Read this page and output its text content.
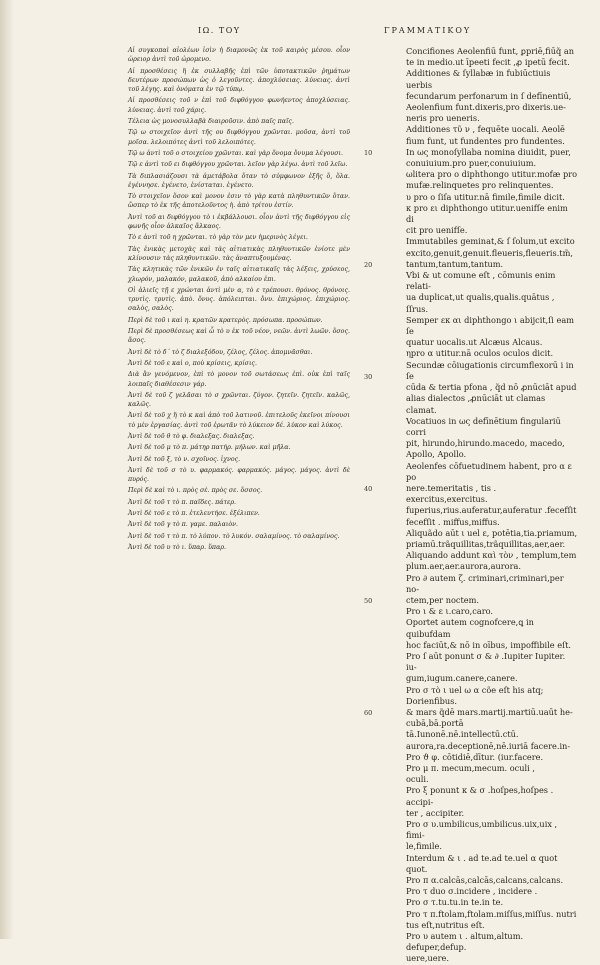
ΙΩ. ΤΟΥ	ΓΡΑΜΜΑΤΙΚΟΥ

Αἱ συγκοπαὶ αἰολέων ἰσὶν ἠ διαμονῶς ἐκ τοῦ καιρὸς μέσου. οἷον ὠρειορ ἀντὶ τοῦ ὡρομενο.

Αἱ προσθέσεις ἢ ἐκ συλλαβῆς ἐπὶ τῶν ὑποτακτικῶν ῥημάτων δευτέρων προσώπων ὡς ὁ λεγοῦντες. ἀποχλύσειας. λύνειας. ἀντὶ τοῦ λέγης. καὶ ὀνόματα ἐν τῷ τύπῳ.

Αἱ προσθέσεις τοῦ ν ἐπὶ τοῦ διφθόγγου φωνήεντος ἀποχλύσειας. λύνειας. ἀντὶ τοῦ χάρις.

Τέλεια ὡς μονοσυλλαβὰ διαιροῦσιν. ἀπὸ παῖς παῖς.

Τῷ ω στοιχεῖον ἀντὶ τῆς ου διφθόγγου χρῶνται. μοῦσα, ἀντὶ τοῦ μοῖσα. λελοιπότες ἀντὶ τοῦ λελοιπότες.

Τῷ ω ἀντὶ τοῦ ο στοιχείου χρῶνται. καὶ γὰρ ὄνομα ὄνυμα λέγουσι.

Τῷ ε ἀντὶ τοῦ ει διφθόγγου χρῶνται. λεῖον γὰρ λέγω. ἀντὶ τοῦ λεῖω.

Τὰ διπλασιάζουσι τὰ ἀμετάβολα ὅταν τὸ σύμφωνον ἐξῆς ὅ, ὅλα. ἐγέννησε. ἐγένετο, ἐνίσταται. ἐγένετο.

Τὸ στοιχεῖον ὅσον καὶ μονον ἐσιν τὸ γὰρ κατὰ πληθυντικῶν ὅταν. ὥσπερ τὸ ἐκ τῆς ἀποτελοῦντος ἡ. ἀπὸ τρίτου ἐστίν.

Ἀντὶ τοῦ αι διφθόγγου τὸ ι ἐκβάλλουσι. οἷον ἀντὶ τῆς διφθόγγου εἰς φωνῆς οἷον ἀλκαῖος ἄλκαος.

Τὸ ε ἀντὶ τοῦ η χρῶνται. τὸ γὰρ τὸν μεν ἡμερινὸς λέγει.

Τὰς ἐνικὰς μετοχὰς καὶ τὰς αἰτιατικὰς πληθυντικῶν ἐνίοτε μὲν κλίνουσιν τὰς πληθυντικῶν. τὰς ἀναπτυξουμένας.

Τὰς κλητικὰς τῶν ἑνικῶν ἐν ταῖς αἰτιατικαῖς τὰς λέξεις, χρύσεος, χλωρόν, μαλακόν, μαλακοῦ, ἀπὸ αλκαίου ἐπι.

Οἱ ἀλιεῖς τῇ ε χρώνται ἀντὶ μὲν α, τὸ ε τρέπουσι. θρόνος. θρόνοις. τρυτὶς. τρυτὶς. ἀπὸ. ὄνυς. ἀπόλειπται. ὄνυ. ἐπιχώριος. ἐπιχώριος. σαλὸς, σαλὸς.

Περὶ δὲ τοῦ ι καὶ η. κρατῶν κρατερὸς. πρόσωπα. προσώπων.

Περὶ δὲ προσθέσεως καὶ ὧ τὸ υ ἐκ τοῦ νέον, νεῶν. ἀντὶ λωῶν. ὅσος. ἄσος.

Ἀντὶ δὲ τὸ δ΄ τὸ ζ διαλεξόδου, ζέλος, ζέλος. ἀπομνᾶσθαι.

Ἀντὶ δὲ τοῦ ε καὶ ο, ποὺ κρίσεις, κρίσις.

Διὰ ἂν γενόμενον, ἐπὶ τὸ μονον τοῦ σωτάσεως ἐπὶ. οὐκ ἐπὶ ταῖς λοιπαῖς διαθέσεσιν γάρ.

Ἀντὶ δὲ τοῦ ζ γελᾶσαι τὸ σ χρῶνται. ζύγον. ζητεῖν. ζητεῖν. καλῶς, καλῶς.

Ἀντὶ δὲ τοῦ χ ἢ τὸ κ καὶ ἀπὸ τοῦ λατινοῦ. ἐπιτελοῦς ἐκεῖνοι πίνουσι τὸ μὲν ἐργασίας. ἀντὶ τοῦ ἐρωτᾶν τὸ λύκειον δέ. λύκον καὶ λύκος.

Ἀντὶ δὲ τοῦ θ τὸ φ. διαλεξας. διαλεξας.

Ἀντὶ δὲ τοῦ μ τὸ π. μάτηρ πατήρ. μήλων. καὶ μῆλα.

Ἀντὶ δὲ τοῦ ξ, τὸ ν. σχοῖνος. ἰχνος.

Ἀντὶ δὲ τοῦ σ τὸ υ. φαρμακός. φαρμακός. μάγος. μάγος. ἀντὶ δὲ πυρός.

Περὶ δὲ καὶ τὸ ι. πρὸς σὲ. πρὸς σε. ὅσσος.

Ἀντὶ δὲ τοῦ τ τὸ π. παῖδες. πάτερ.

Ἀντὶ δὲ τοῦ ε τὸ π. ἐτελευτήσε. ἐξέλιπεν.

Ἀντὶ δὲ τοῦ γ τὸ π. γαμε. παλαιὸν.

Ἀντὶ δὲ τοῦ τ τὸ π. τὸ λύπον. τὸ λυκόν. σαλαμίνος. τὸ σαλαμίνος.

Ἀντὶ δὲ τοῦ υ τὸ ι. ὕπαρ. ὕπαρ.

10
20
30
40
50
60

Concifiones Aeolenfiū funt, ꝑpriē,fiūq̃ an

te in medio.ut īpeeti fecit ,ꝓ ipetū fecit.

Additiones & ſyllabæ in fubiūctiuis uerbis

fecundarum perfonarum in ſ defīnentiū,

Aeolenfium funt.dixeris,pro dixeris.ue-

neris pro ueneris.

Additiones τῦ ν , fequēte uocali. Aeolē

fium funt, ut fundentes pro fundentes.

In ως monoſyllaba nomina diuidit, puer,

conuiuium.pro puer,conuiuium.

ωlitera pro ο diphthongo utitur.mofæ pro

mufæ.relinquetes pro relinquentes.

υ pro ο ſiſa utitur.nā fimile,fimile dicit.

κ pro ει diphthongo utitur.uenifſe enim di

cit pro uenifſe.

Immutabiles geminat,& ſ ſolum,ut excito

excito,genuit,genuit.fleueris,fleueris.tm̃,

tantum,tantum,tantum.

Vbi & ut comune eſt , cōmunis enim relati-

ua duplicat,ut qualis,qualis.quātus , ſſrus.

Semper εκ αι diphthongo ι abijcit,ſi eam ſe

quatur uocalis.ut Alcæus Alcaus.

ηpro α utitur.nā oculos oculos dicit.

Secundæ cōiugationis circumflexorū i in ſe

cūda & tertia pfona , q̃d nō ꝓnūciāt apud

alias dialectos ,ꝓnūciāt ut clamas clamat.

Vocatiuos in ως defīnētium fingulariū corri

pit, hirundo,hirundo.macedo, macedo,

Apollo, Apollo.

Aeolenfes cōfuetudinem habent, pro α ε po

nere.temeritatis , tis . exercitus,exercitus.

fuperius,rius.auferatur,auferatur .fecefſit

fecefſit . miffus,miffus.

Aliquãdo aūt ι uel ε, potētia,tia.priamum,

priamū.trãquillitas,trãquillitas,aer,aer.

Aliquando addunt καὶ τὸν , templum,tem

plum.aer,aer.aurora,aurora.

Pro ∂ autem ζ. criminari,criminari,per no-

ctem,per noctem.

Pro ι & ε ι.caro,caro.

Oportet autem cognofcere,ꝗ in quibufdam

hoc faciūt,& nō in oībus, impoffibile eſt.

Pro ſ aūt ponunt σ & ∂ .Iupiter Iupiter. iu-

gum,iugum.canere,canere.

Pro σ τὸ ι uel ω α cõe eſt his atq; Dorienfibus.

& mars q̃dē mars.martij.martiū.uaūt he-

cubā,bā.portā tā.Iunonē.nē.intellectū.ctū.

aurora,ra.deceptionē,nē.iuriā facere.in-

Pro ϑ φ. cōtidiē,dītur. (iur.facere.

Pro μ π. mecum,mecum. oculi ,

oculi.

Pro ξ ponunt κ & σ .hoſpes,hoſpes . accipi-

ter , accipiter.

Pro σ υ.umbilicus,umbilicus.uix,uix , fimi-

le,fimile.

Interdum & ι . ad te.ad te.uel α quot

quot.

Pro π α.calcās,calcās,calcans,calcans.

Pro τ duo σ.incidere , incidere .

Pro σ τ.tu.tu.in te.in te.

Pro τ π.ftolam,ftolam.miſſus,miſſus. nutri

tus eſt,nutritus eſt.

Pro υ autem ι . altum,altum. defuper,defup.

uere,uere.
